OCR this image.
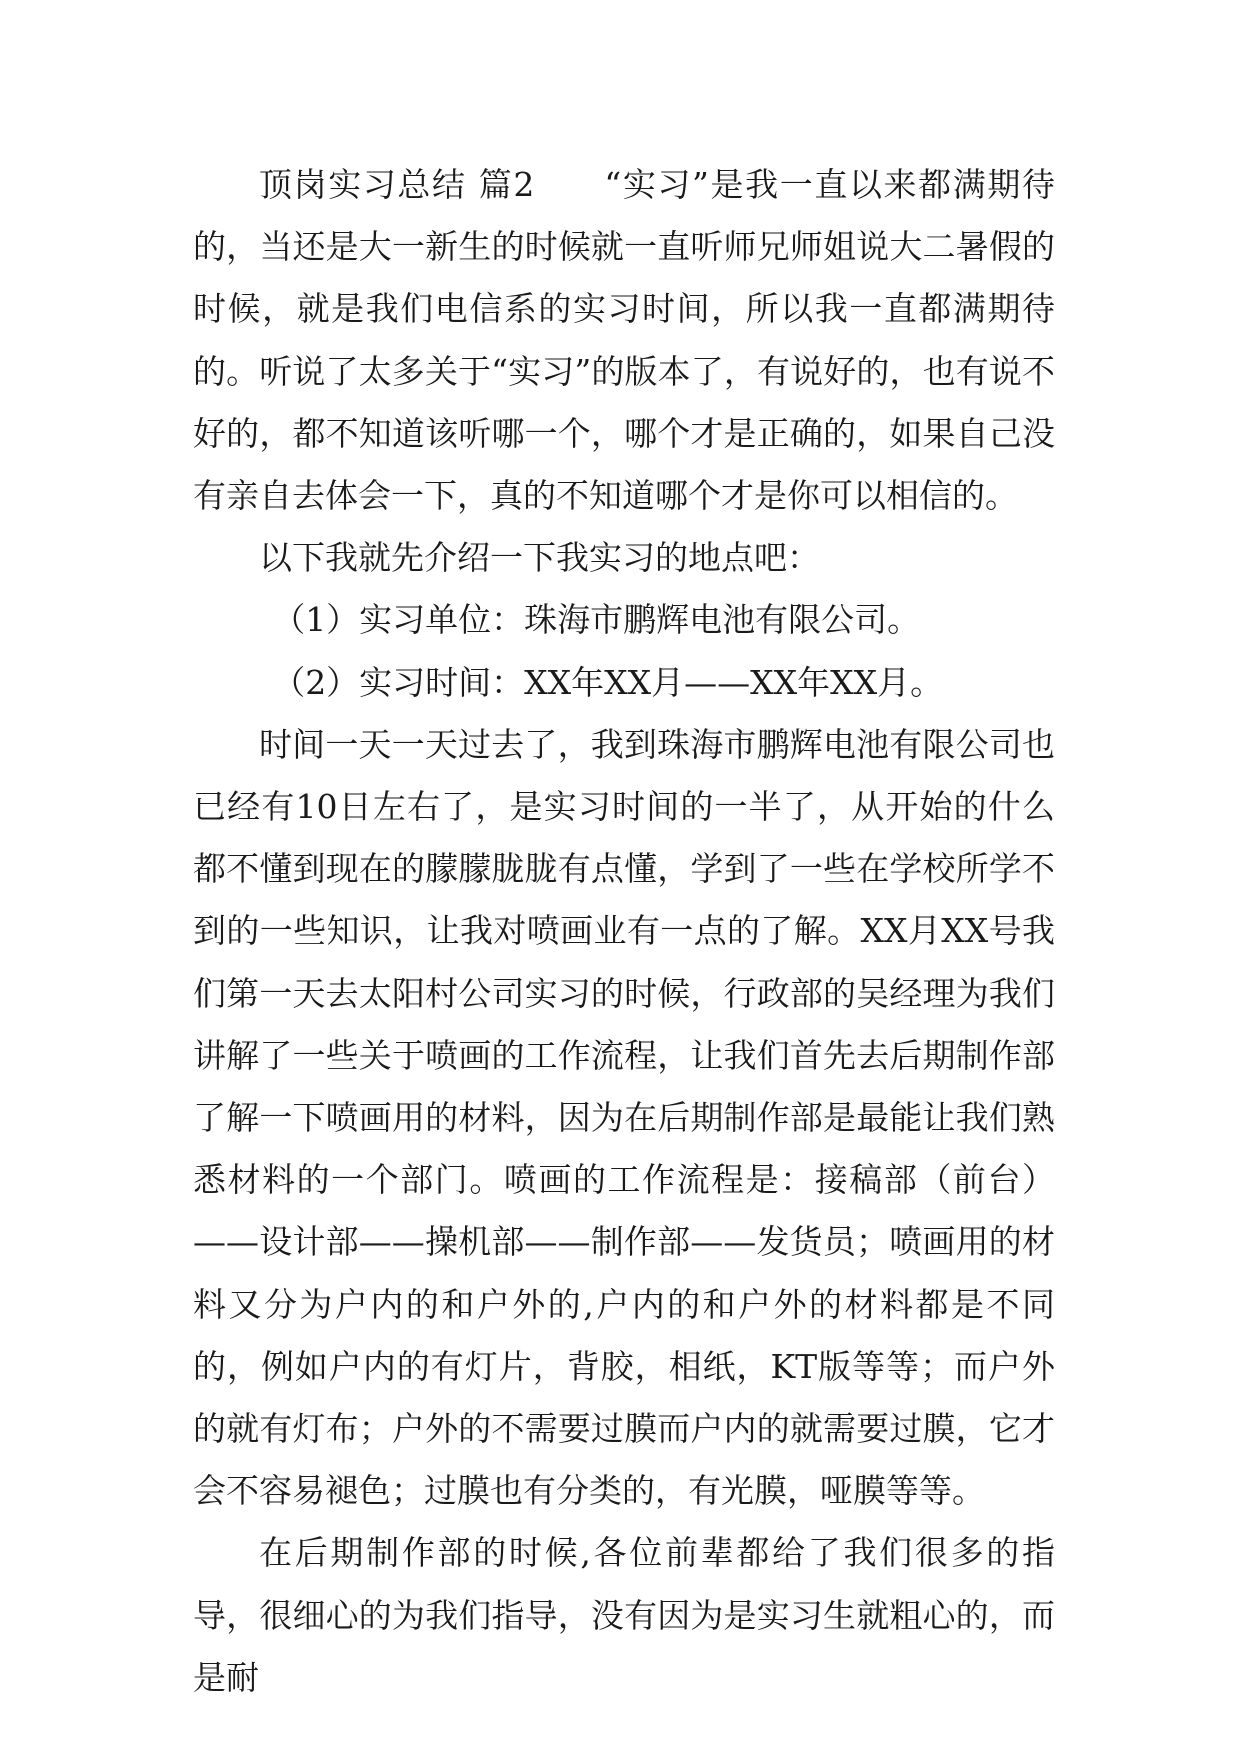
顶岗实习总结 篇2 “实习”是我一直以来都满期待的，当还是大一新生的时候就一直听师兄师姐说大二暑假的时候，就是我们电信系的实习时间，所以我一直都满期待的。听说了太多关于“实习”的版本了，有说好的，也有说不好的，都不知道该听哪一个，哪个才是正确的，如果自己没有亲自去体会一下，真的不知道哪个才是你可以相信的。

以下我就先介绍一下我实习的地点吧：

（1）实习单位：珠海市鹏辉电池有限公司。

（2）实习时间：XX年XX月——XX年XX月。

时间一天一天过去了，我到珠海市鹏辉电池有限公司也已经有10日左右了，是实习时间的一半了，从开始的什么都不懂到现在的朦朦胧胧有点懂，学到了一些在学校所学不到的一些知识，让我对喷画业有一点的了解。XX月XX号我们第一天去太阳村公司实习的时候，行政部的吴经理为我们讲解了一些关于喷画的工作流程，让我们首先去后期制作部了解一下喷画用的材料，因为在后期制作部是最能让我们熟悉材料的一个部门。喷画的工作流程是：接稿部（前台）——设计部——操机部——制作部——发货员；喷画用的材料又分为户内的和户外的,户内的和户外的材料都是不同的，例如户内的有灯片，背胶，相纸，KT版等等；而户外的就有灯布；户外的不需要过膜而户内的就需要过膜，它才会不容易褪色；过膜也有分类的，有光膜，哑膜等等。

在后期制作部的时候,各位前辈都给了我们很多的指导，很细心的为我们指导，没有因为是实习生就粗心的，而是耐
